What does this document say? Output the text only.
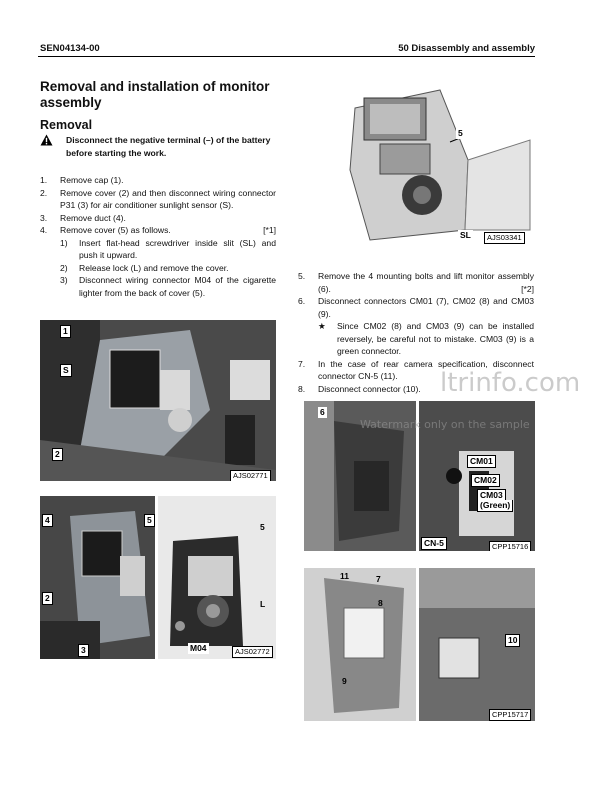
SEN04134-00	50 Disassembly and assembly
Removal and installation of monitor assembly
Removal
Disconnect the negative terminal (–) of the battery before starting the work.
1. Remove cap (1).
2. Remove cover (2) and then disconnect wiring connector P31 (3) for air conditioner sunlight sensor (S).
3. Remove duct (4).
4. Remove cover (5) as follows.	[*1]
1) Insert flat-head screwdriver inside slit (SL) and push it upward.
2) Release lock (L) and remove the cover.
3) Disconnect wiring connector M04 of the cigarette lighter from the back of cover (5).
5. Remove the 4 mounting bolts and lift monitor assembly (6).	[*2]
6. Disconnect connectors CM01 (7), CM02 (8) and CM03 (9).
★ Since CM02 (8) and CM03 (9) can be installed reversely, be careful not to mistake. CM03 (9) is a green connector.
7. In the case of rear camera specification, disconnect connector CN-5 (11).
8. Disconnect connector (10).
5
SL	AJS03341
1
S
2
AJS02771
4	5
2
3
5
L
M04	AJS02772
6
CM01
CM02
CM03
(Green)
CN-5	CPP15716
11	7
8
9
10
CPP15717
ltrinfo.com
Watermark only on the sample
